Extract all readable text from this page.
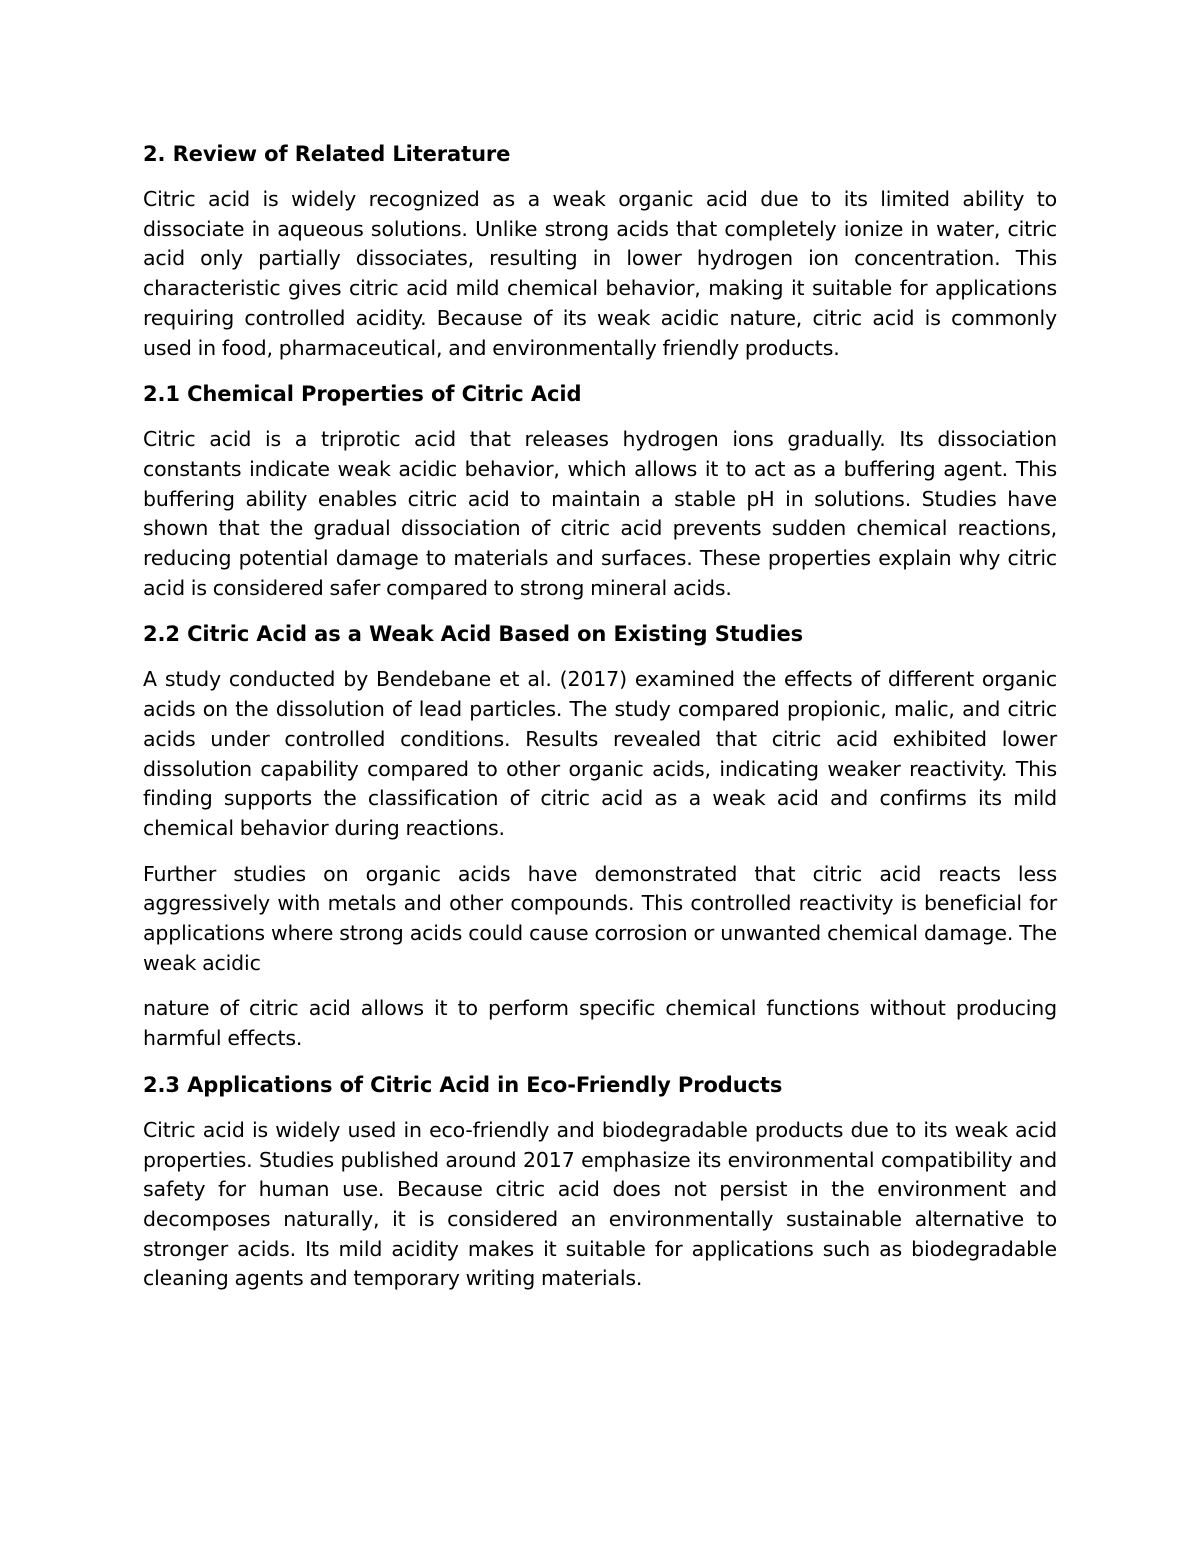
2. Review of Related Literature

Citric acid is widely recognized as a weak organic acid due to its limited ability to dissociate in aqueous solutions. Unlike strong acids that completely ionize in water, citric acid only partially dissociates, resulting in lower hydrogen ion concentration. This characteristic gives citric acid mild chemical behavior, making it suitable for applications requiring controlled acidity. Because of its weak acidic nature, citric acid is commonly used in food, pharmaceutical, and environmentally friendly products.

2.1 Chemical Properties of Citric Acid

Citric acid is a triprotic acid that releases hydrogen ions gradually. Its dissociation constants indicate weak acidic behavior, which allows it to act as a buffering agent. This buffering ability enables citric acid to maintain a stable pH in solutions. Studies have shown that the gradual dissociation of citric acid prevents sudden chemical reactions, reducing potential damage to materials and surfaces. These properties explain why citric acid is considered safer compared to strong mineral acids.

2.2 Citric Acid as a Weak Acid Based on Existing Studies

A study conducted by Bendebane et al. (2017) examined the effects of different organic acids on the dissolution of lead particles. The study compared propionic, malic, and citric acids under controlled conditions. Results revealed that citric acid exhibited lower dissolution capability compared to other organic acids, indicating weaker reactivity. This finding supports the classification of citric acid as a weak acid and confirms its mild chemical behavior during reactions.

Further studies on organic acids have demonstrated that citric acid reacts less aggressively with metals and other compounds. This controlled reactivity is beneficial for applications where strong acids could cause corrosion or unwanted chemical damage. The weak acidic

nature of citric acid allows it to perform specific chemical functions without producing harmful effects.

2.3 Applications of Citric Acid in Eco-Friendly Products

Citric acid is widely used in eco-friendly and biodegradable products due to its weak acid properties. Studies published around 2017 emphasize its environmental compatibility and safety for human use. Because citric acid does not persist in the environment and decomposes naturally, it is considered an environmentally sustainable alternative to stronger acids. Its mild acidity makes it suitable for applications such as biodegradable cleaning agents and temporary writing materials.
